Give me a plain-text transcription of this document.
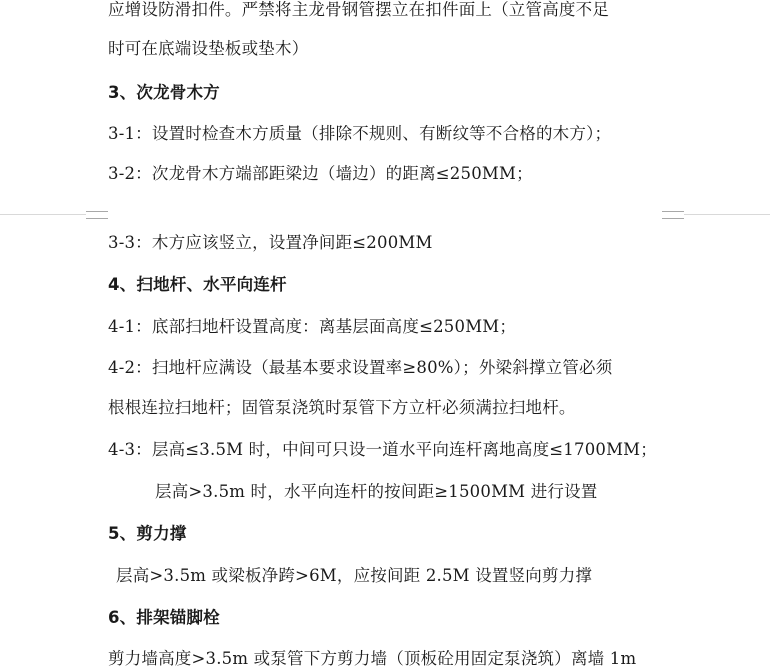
应增设防滑扣件。严禁将主龙骨钢管摆立在扣件面上（立管高度不足
时可在底端设垫板或垫木）
3、次龙骨木方
3-1：设置时检查木方质量（排除不规则、有断纹等不合格的木方）；
3-2：次龙骨木方端部距梁边（墙边）的距离≤250MM；
3-3：木方应该竖立，设置净间距≤200MM
4、扫地杆、水平向连杆
4-1：底部扫地杆设置高度：离基层面高度≤250MM；
4-2：扫地杆应满设（最基本要求设置率≥80%）；外梁斜撑立管必须
根根连拉扫地杆；固管泵浇筑时泵管下方立杆必须满拉扫地杆。
4-3：层高≤3.5M 时，中间可只设一道水平向连杆离地高度≤1700MM；
层高>3.5m 时，水平向连杆的按间距≥1500MM 进行设置
5、剪力撑
层高>3.5m 或梁板净跨>6M，应按间距 2.5M 设置竖向剪力撑
6、排架锚脚栓
剪力墙高度>3.5m 或泵管下方剪力墙（顶板砼用固定泵浇筑）离墙 1m
